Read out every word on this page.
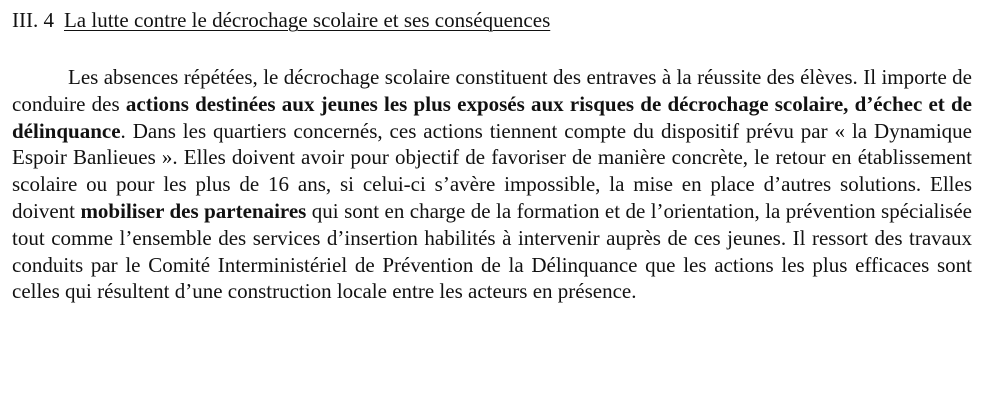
III. 4 La lutte contre le décrochage scolaire et ses conséquences

Les absences répétées, le décrochage scolaire constituent des entraves à la réussite des élèves. Il importe de conduire des actions destinées aux jeunes les plus exposés aux risques de décrochage scolaire, d’échec et de délinquance. Dans les quartiers concernés, ces actions tiennent compte du dispositif prévu par « la Dynamique Espoir Banlieues ». Elles doivent avoir pour objectif de favoriser de manière concrète, le retour en établissement scolaire ou pour les plus de 16 ans, si celui-ci s’avère impossible, la mise en place d’autres solutions. Elles doivent mobiliser des partenaires qui sont en charge de la formation et de l’orientation, la prévention spécialisée tout comme l’ensemble des services d’insertion habilités à intervenir auprès de ces jeunes. Il ressort des travaux conduits par le Comité Interministériel de Prévention de la Délinquance que les actions les plus efficaces sont celles qui résultent d’une construction locale entre les acteurs en présence.
